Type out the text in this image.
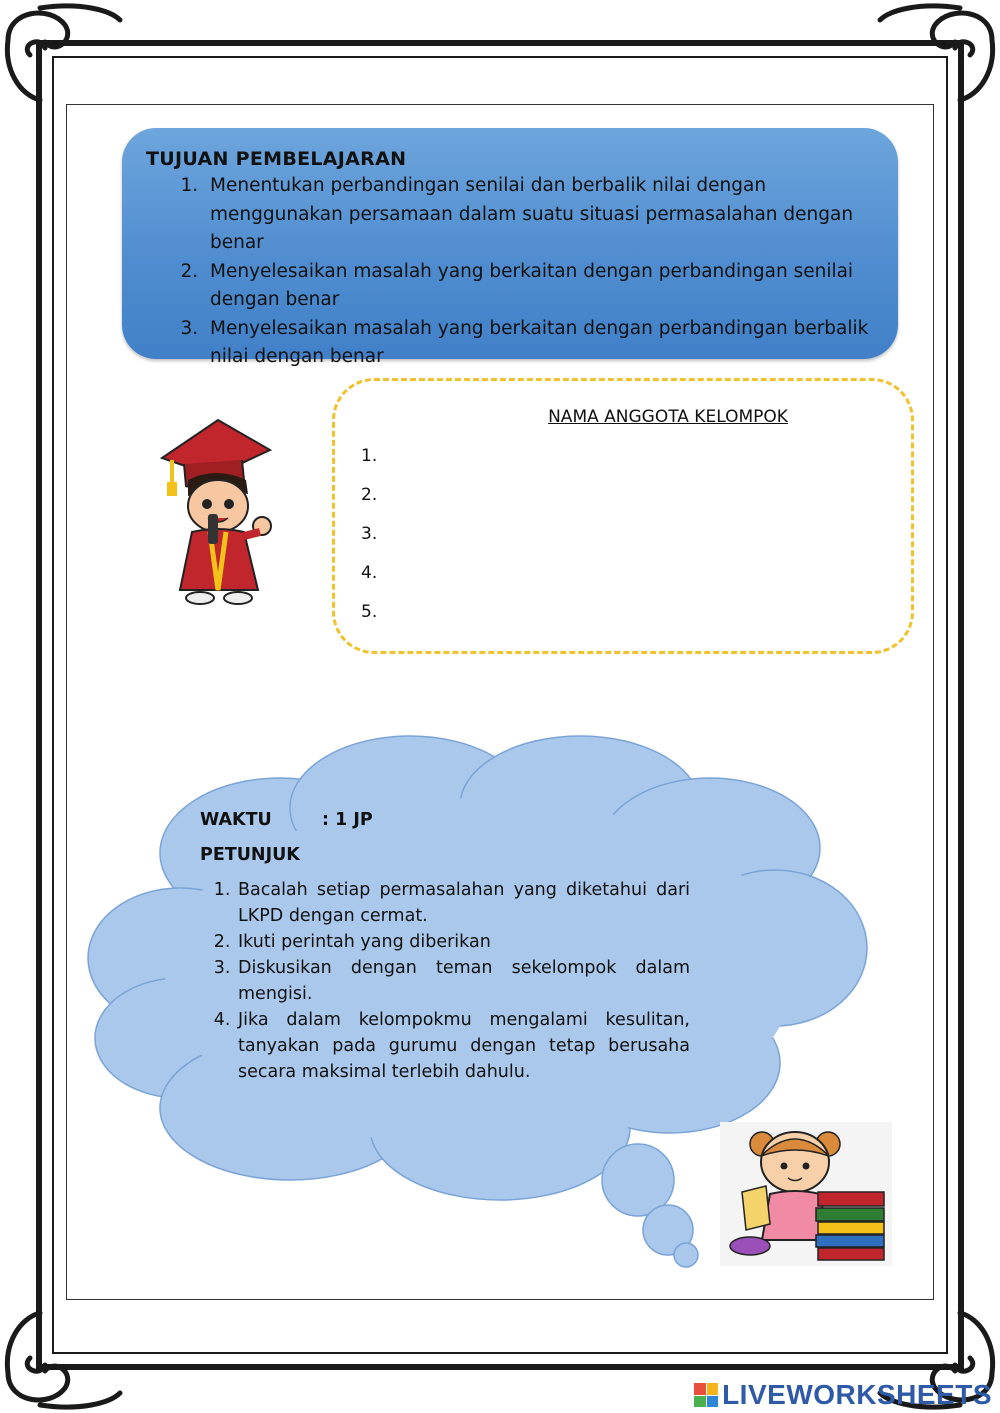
TUJUAN PEMBELAJARAN
1. Menentukan perbandingan senilai dan berbalik nilai dengan menggunakan persamaan dalam suatu situasi permasalahan dengan benar
2. Menyelesaikan masalah yang berkaitan dengan perbandingan senilai dengan benar
3. Menyelesaikan masalah yang berkaitan dengan perbandingan berbalik nilai dengan benar
NAMA ANGGOTA KELOMPOK
1.
2.
3.
4.
5.
WAKTU	: 1 JP
PETUNJUK
1. Bacalah setiap permasalahan yang diketahui dari LKPD dengan cermat.
2. Ikuti perintah yang diberikan
3. Diskusikan dengan teman sekelompok dalam mengisi.
4. Jika dalam kelompokmu mengalami kesulitan, tanyakan pada gurumu dengan tetap berusaha secara maksimal terlebih dahulu.
LIVEWORKSHEETS
